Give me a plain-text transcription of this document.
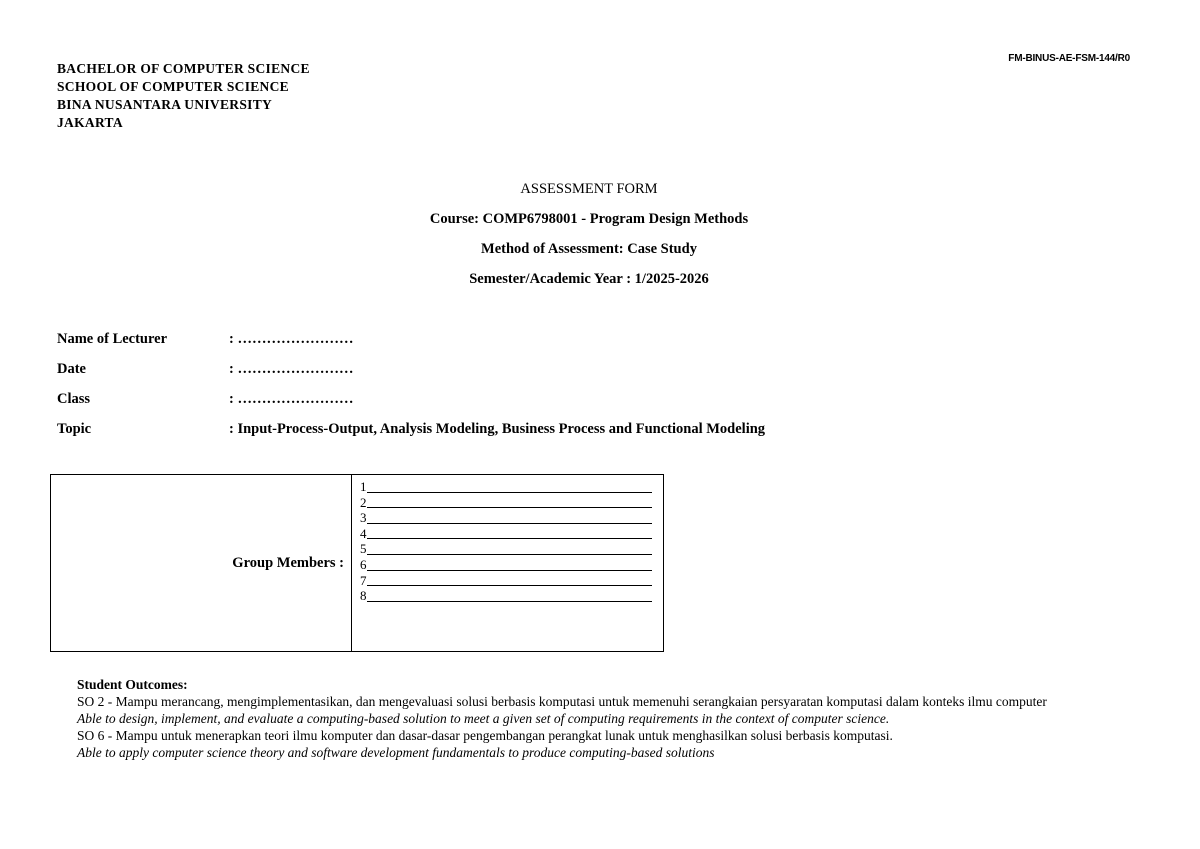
BACHELOR OF COMPUTER SCIENCE
SCHOOL OF COMPUTER SCIENCE
BINA NUSANTARA UNIVERSITY
JAKARTA
FM-BINUS-AE-FSM-144/R0
ASSESSMENT FORM
Course: COMP6798001 - Program Design Methods
Method of Assessment: Case Study
Semester/Academic Year : 1/2025-2026
Name of Lecturer	: ……………………
Date	: ……………………
Class	: ……………………
Topic	: Input-Process-Output, Analysis Modeling, Business Process and Functional Modeling
Group Members :
1
2
3
4
5
6
7
8
Student Outcomes:
SO 2 - Mampu merancang, mengimplementasikan, dan mengevaluasi solusi berbasis komputasi untuk memenuhi serangkaian persyaratan komputasi dalam konteks ilmu computer
Able to design, implement, and evaluate a computing-based solution to meet a given set of computing requirements in the context of computer science.
SO 6 - Mampu untuk menerapkan teori ilmu komputer dan dasar-dasar pengembangan perangkat lunak untuk menghasilkan solusi berbasis komputasi.
Able to apply computer science theory and software development fundamentals to produce computing-based solutions
